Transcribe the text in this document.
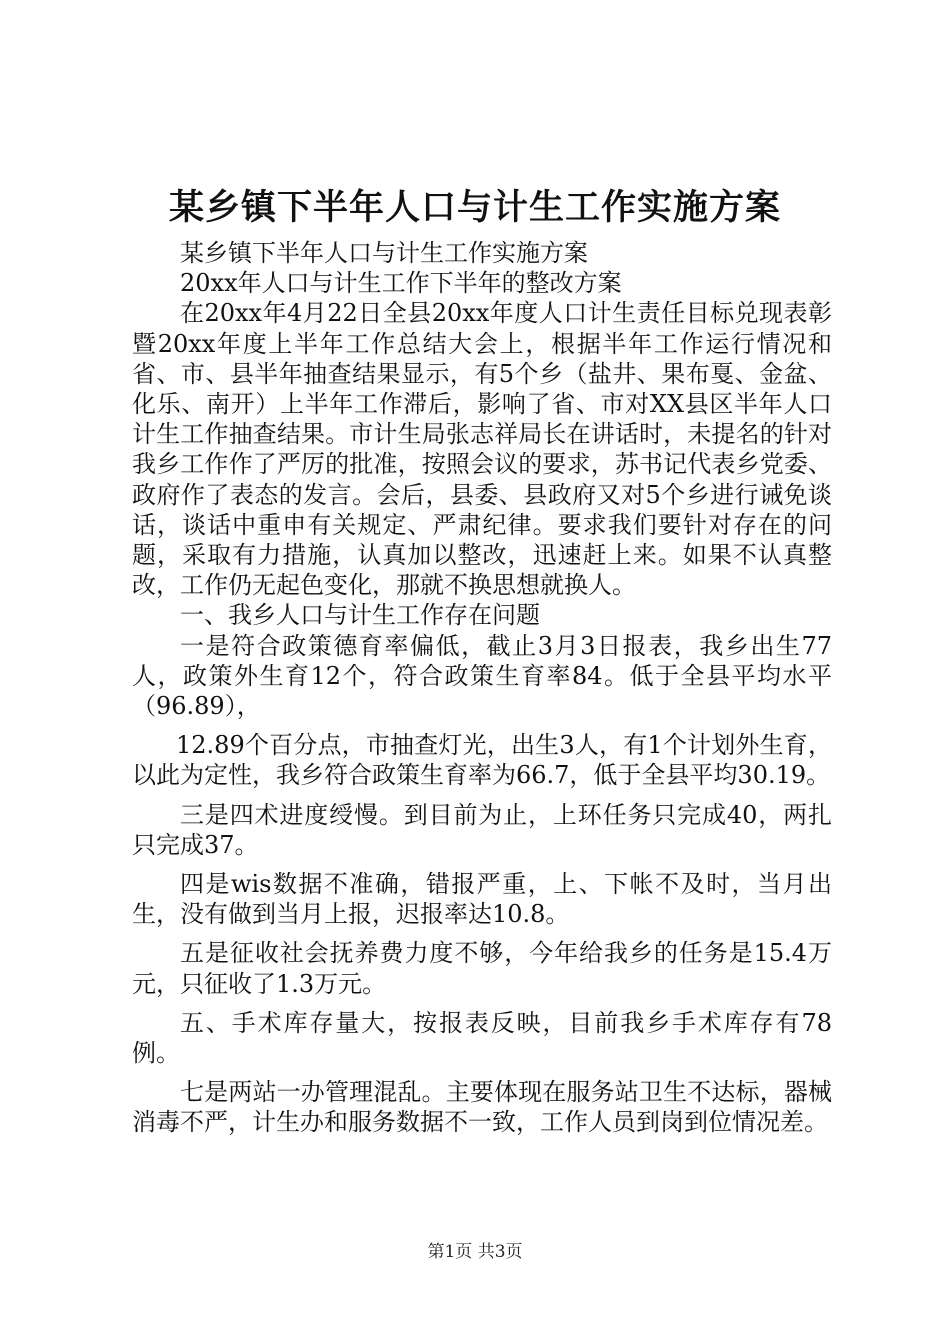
某乡镇下半年人口与计生工作实施方案

某乡镇下半年人口与计生工作实施方案

20xx年人口与计生工作下半年的整改方案

在20xx年4月22日全县20xx年度人口计生责任目标兑现表彰暨20xx年度上半年工作总结大会上，根据半年工作运行情况和省、市、县半年抽查结果显示，有5个乡（盐井、果布戛、金盆、化乐、南开）上半年工作滞后，影响了省、市对XX县区半年人口计生工作抽查结果。市计生局张志祥局长在讲话时，未提名的针对我乡工作作了严厉的批准，按照会议的要求，苏书记代表乡党委、政府作了表态的发言。会后，县委、县政府又对5个乡进行诫免谈话，谈话中重申有关规定、严肃纪律。要求我们要针对存在的问题，采取有力措施，认真加以整改，迅速赶上来。如果不认真整改，工作仍无起色变化，那就不换思想就换人。

一、我乡人口与计生工作存在问题

一是符合政策德育率偏低，截止3月3日报表，我乡出生77人，政策外生育12个，符合政策生育率84。低于全县平均水平（96.89），

12.89个百分点，市抽查灯光，出生3人，有1个计划外生育，以此为定性，我乡符合政策生育率为66.7，低于全县平均30.19。

三是四术进度绶慢。到目前为止，上环任务只完成40，两扎只完成37。

四是wis数据不准确，错报严重，上、下帐不及时，当月出生，没有做到当月上报，迟报率达10.8。

五是征收社会抚养费力度不够，今年给我乡的任务是15.4万元，只征收了1.3万元。

五、手术库存量大，按报表反映，目前我乡手术库存有78例。

七是两站一办管理混乱。主要体现在服务站卫生不达标，器械消毒不严，计生办和服务数据不一致，工作人员到岗到位情况差。

第1页 共3页
